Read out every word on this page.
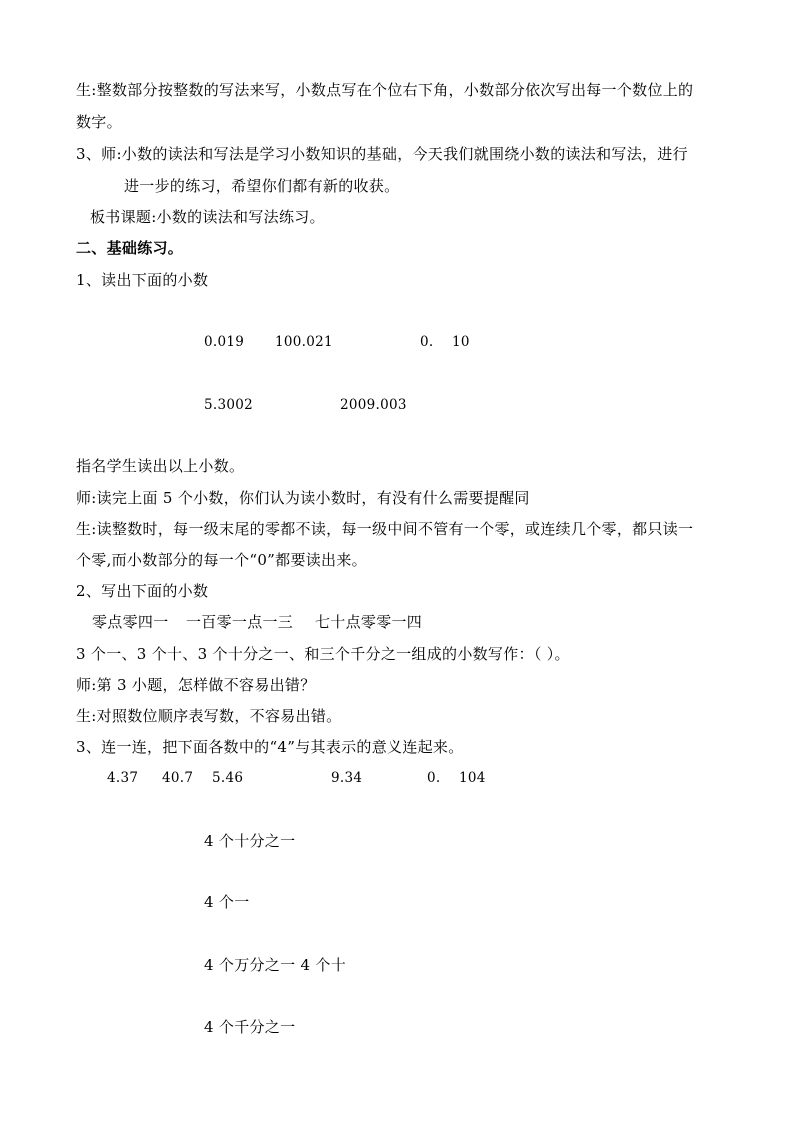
生:整数部分按整数的写法来写，小数点写在个位右下角，小数部分依次写出每一个数位上的
数字。
3、师:小数的读法和写法是学习小数知识的基础，今天我们就围绕小数的读法和写法，进行
进一步的练习，希望你们都有新的收获。
板书课题:小数的读法和写法练习。
二、基础练习。
1、读出下面的小数
0.019 100.021	0. 10
5.3002	2009.003
指名学生读出以上小数。
师:读完上面 5 个小数，你们认为读小数时，有没有什么需要提醒同
生:读整数时，每一级末尾的零都不读，每一级中间不管有一个零，或连续几个零，都只读一
个零,而小数部分的每一个“0”都要读出来。
2、写出下面的小数
零点零四一 一百零一点一三 七十点零零一四
3 个一、3 个十、3 个十分之一、和三个千分之一组成的小数写作：（ ）。
师:第 3 小题，怎样做不容易出错？
生:对照数位顺序表写数，不容易出错。
3、连一连，把下面各数中的“4”与其表示的意义连起来。
4.37 40.7 5.46	9.34	0. 104
4 个十分之一
4 个一
4 个万分之一 4 个十
4 个千分之一
